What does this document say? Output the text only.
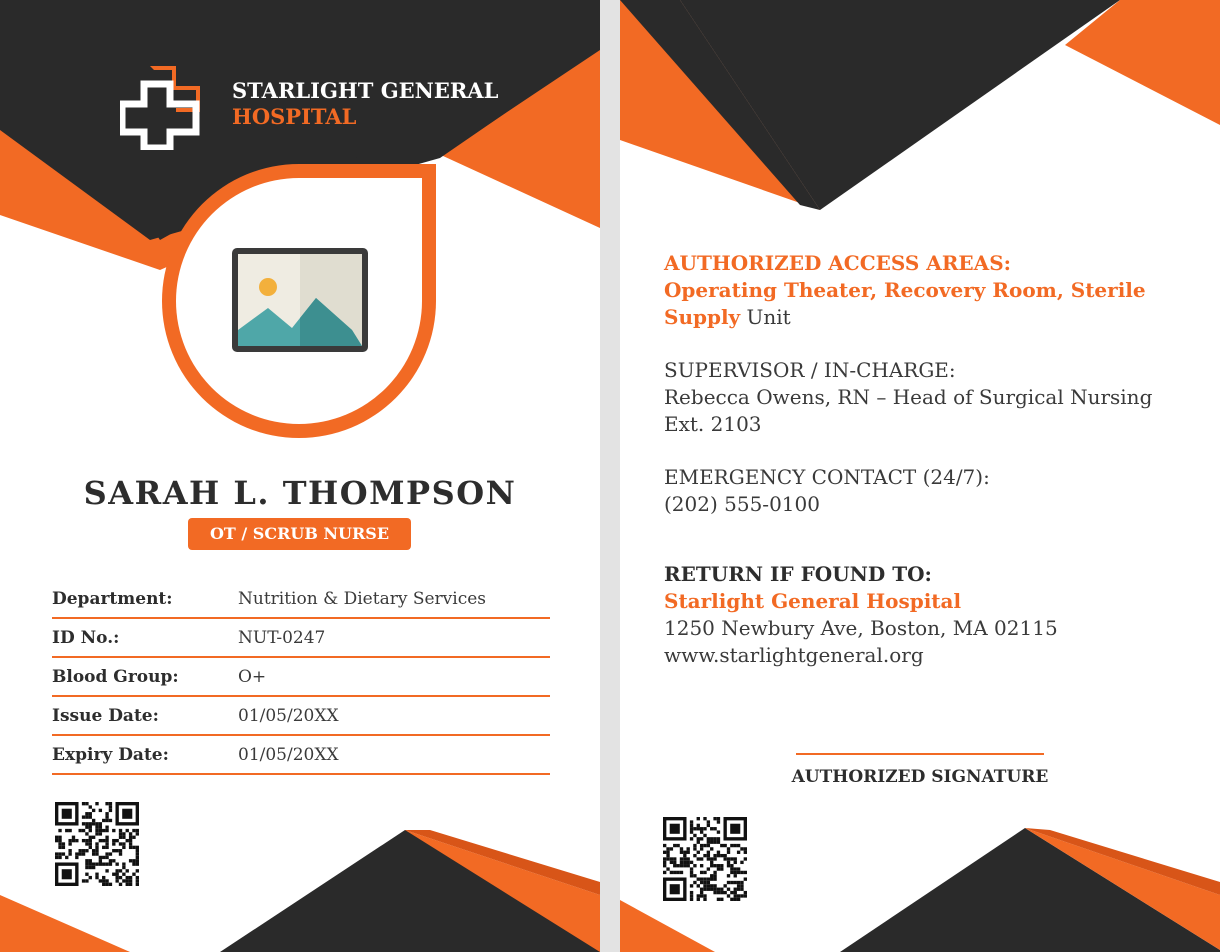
STARLIGHT GENERAL
HOSPITAL
SARAH L. THOMPSON
OT / SCRUB NURSE
Department:	Nutrition & Dietary Services
ID No.:	NUT-0247
Blood Group:	O+
Issue Date:	01/05/20XX
Expiry Date:	01/05/20XX
AUTHORIZED ACCESS AREAS:
Operating Theater, Recovery Room, Sterile
Supply Unit
SUPERVISOR / IN-CHARGE:
Rebecca Owens, RN – Head of Surgical Nursing
Ext. 2103
EMERGENCY CONTACT (24/7):
(202) 555-0100
RETURN IF FOUND TO:
Starlight General Hospital
1250 Newbury Ave, Boston, MA 02115
www.starlightgeneral.org
AUTHORIZED SIGNATURE
